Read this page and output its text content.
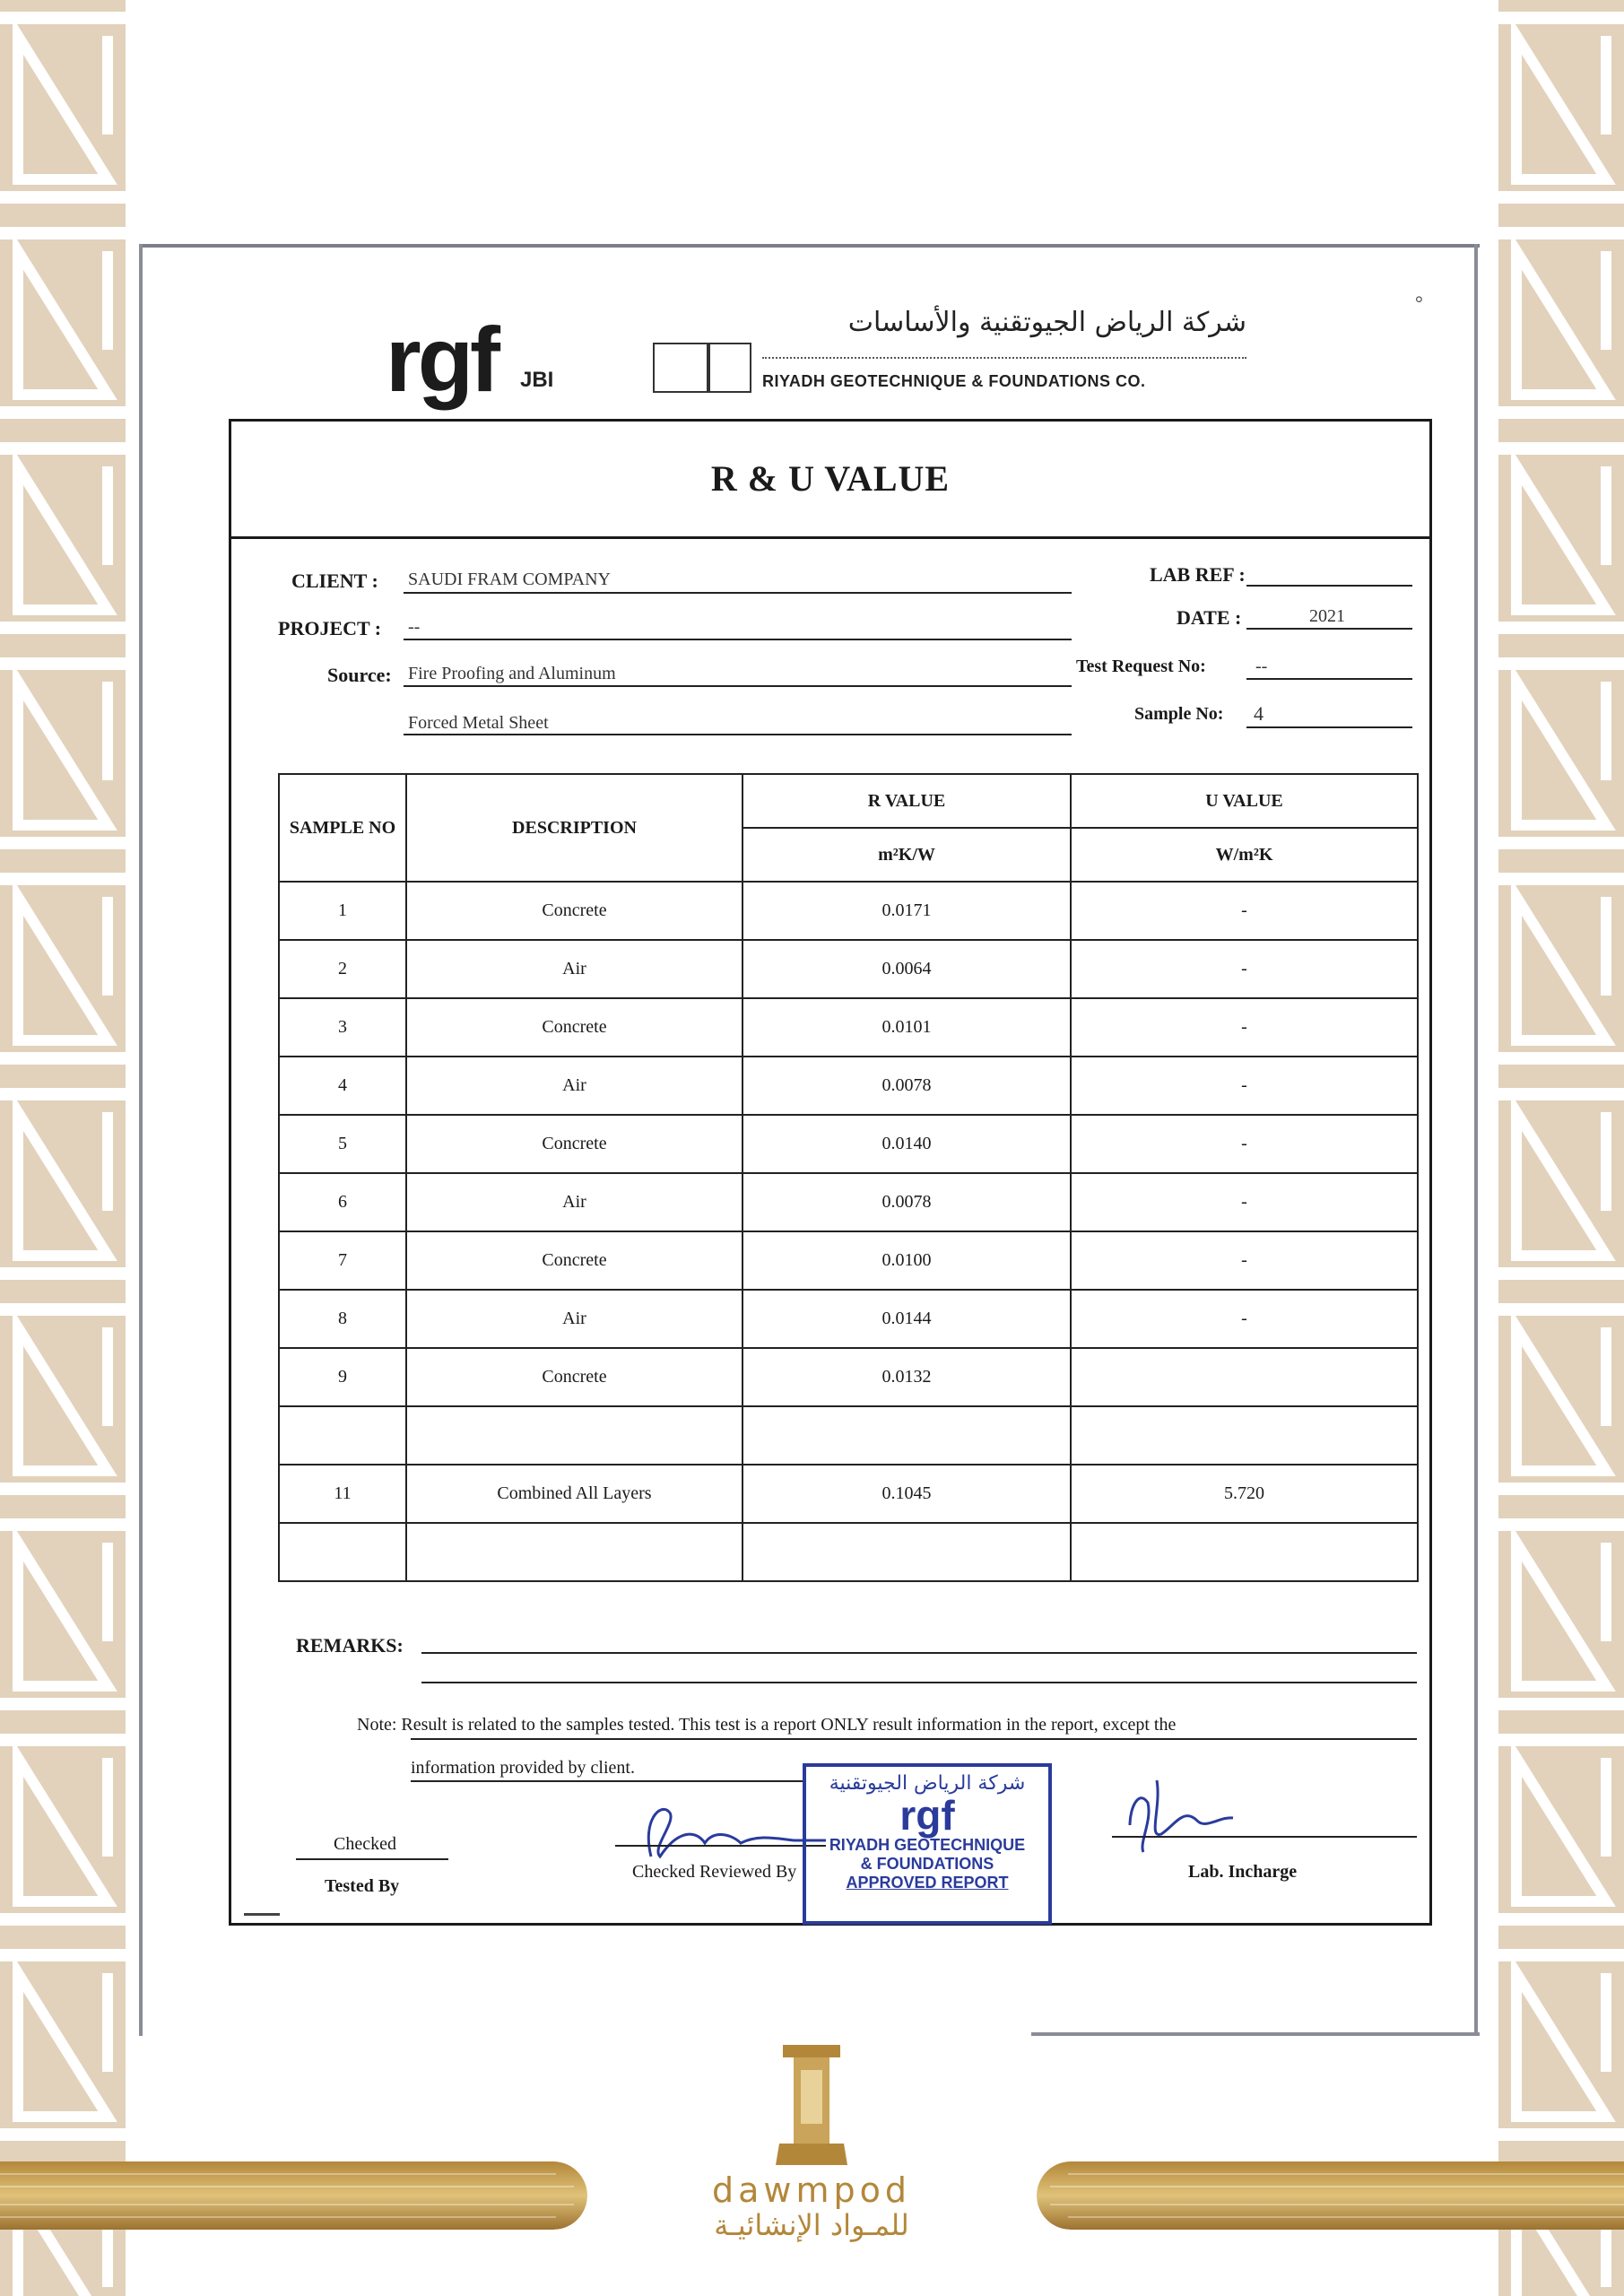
°
rgf JBI
شركة الرياض الجيوتقنية والأساسات
RIYADH GEOTECHNIQUE & FOUNDATIONS CO.
R & U VALUE
CLIENT : SAUDI FRAM COMPANY
PROJECT : --
Source: Fire Proofing and Aluminum
Forced Metal Sheet
LAB REF :
DATE :	2021
Test Request No:	--
Sample No: 4
SAMPLE NO	DESCRIPTION	R VALUE	U VALUE
		m²K/W	W/m²K
1	Concrete	0.0171	-
2	Air	0.0064	-
3	Concrete	0.0101	-
4	Air	0.0078	-
5	Concrete	0.0140	-
6	Air	0.0078	-
7	Concrete	0.0100	-
8	Air	0.0144	-
9	Concrete	0.0132	

11	Combined All Layers	0.1045	5.720

REMARKS:
Note: Result is related to the samples tested. This test is a report ONLY result information in the report, except the
information provided by client.
Checked
Tested By
Checked Reviewed By	Lab. Incharge
شركة الرياض الجيوتقنية
rgf
RIYADH GEOTECHNIQUE
& FOUNDATIONS
APPROVED REPORT
▬▬▬▬
dawmpod
للمـواد الإنشائيـة
